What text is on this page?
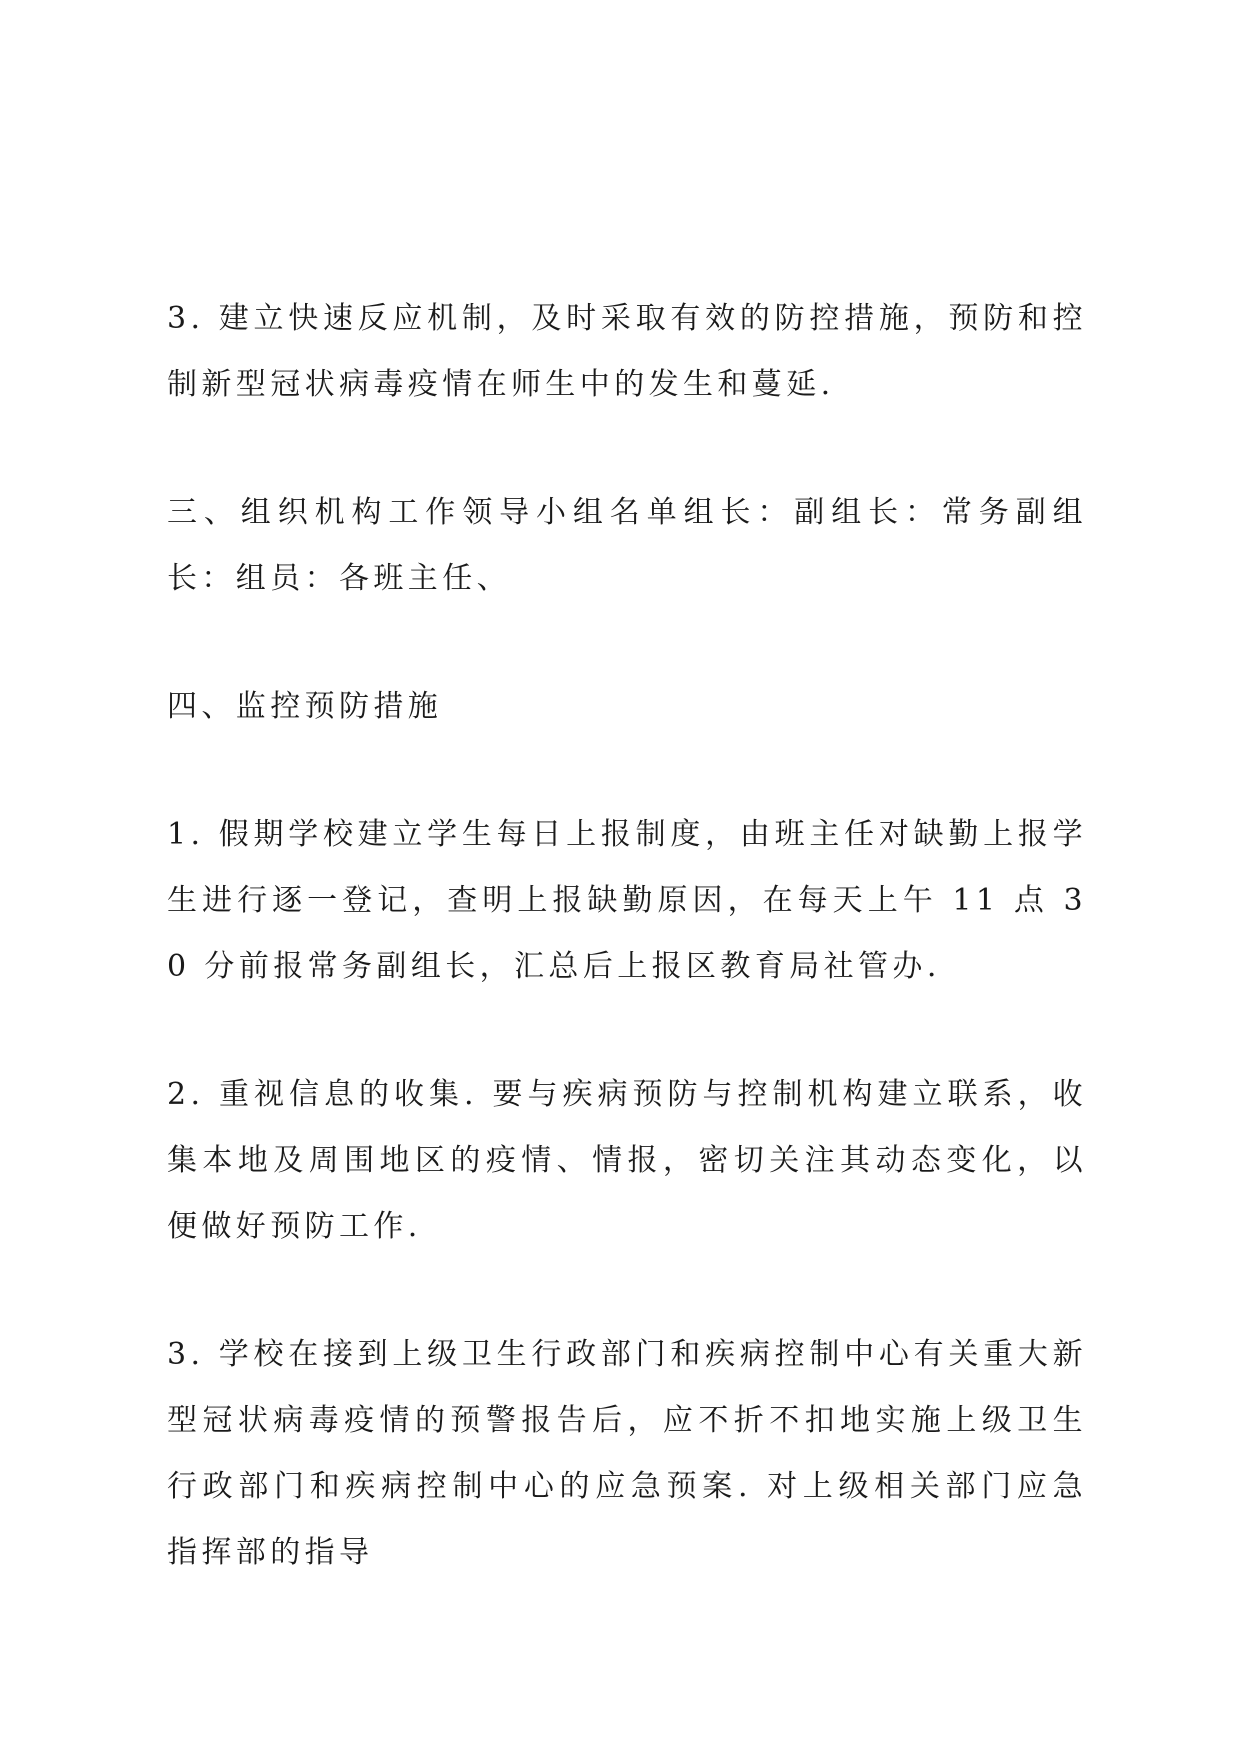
3. 建立快速反应机制，及时采取有效的防控措施，预防和控制新型冠状病毒疫情在师生中的发生和蔓延.

三、组织机构工作领导小组名单组长：副组长：常务副组长：组员：各班主任、

四、监控预防措施

1. 假期学校建立学生每日上报制度，由班主任对缺勤上报学生进行逐一登记，查明上报缺勤原因，在每天上午 11 点 30 分前报常务副组长，汇总后上报区教育局社管办.

2. 重视信息的收集. 要与疾病预防与控制机构建立联系，收集本地及周围地区的疫情、情报，密切关注其动态变化，以便做好预防工作.

3. 学校在接到上级卫生行政部门和疾病控制中心有关重大新型冠状病毒疫情的预警报告后，应不折不扣地实施上级卫生行政部门和疾病控制中心的应急预案. 对上级相关部门应急指挥部的指导
